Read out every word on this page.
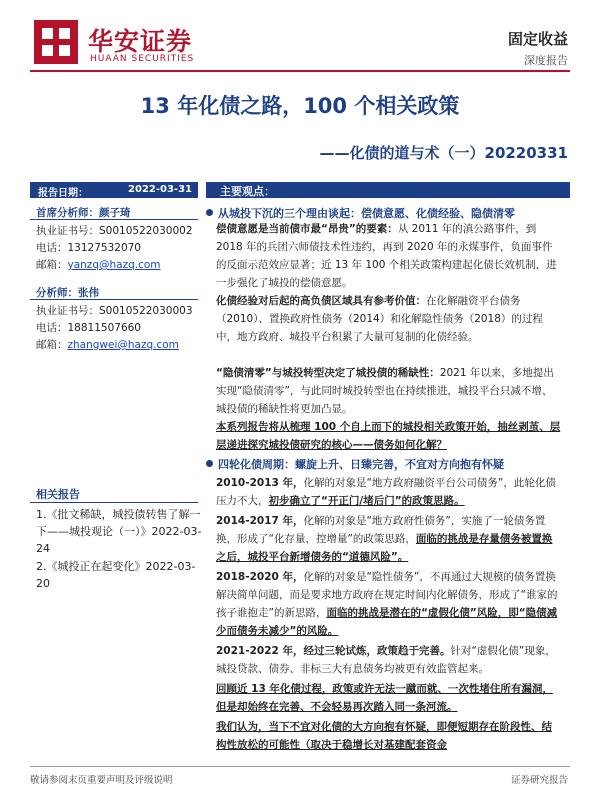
华安证券
HUAAN SECURITIES
固定收益
深度报告
13 年化债之路，100 个相关政策
——化债的道与术（一）20220331
报告日期：	2022-03-31
首席分析师：颜子琦
执业证书号：S0010522030002
电话：13127532070
邮箱：yanzq@hazq.com
分析师：张伟
执业证书号：S0010522030003
电话：18811507660
邮箱：zhangwei@hazq.com
相关报告
1.《批文稀缺，城投债转售了解一下——城投观论（一）》2022-03-24
2.《城投正在起变化》2022-03-20
主要观点：
从城投下沉的三个理由谈起：偿债意愿、化债经验、隐债清零
偿债意愿是当前债市最“昂贵”的要素：从 2011 年的滇公路事件，到 2018 年的兵团六师债技术性违约，再到 2020 年的永煤事件，负面事件的反面示范效应显著；近 13 年 100 个相关政策构建起化债长效机制，进一步强化了城投的偿债意愿。
化债经验对后起的高负债区域具有参考价值：在化解融资平台债务（2010）、置换政府性债务（2014）和化解隐性债务（2018）的过程中，地方政府、城投平台积累了大量可复制的化债经验。
“隐债清零”与城投转型决定了城投债的稀缺性：2021 年以来，多地提出实现“隐债清零”，与此同时城投转型也在持续推进，城投平台只减不增、城投债的稀缺性将更加凸显。
本系列报告将从梳理 100 个自上而下的城投相关政策开始，抽丝剥茧、层层递进探究城投债研究的核心——债务如何化解？
四轮化债周期：螺旋上升、日臻完善，不宜对方向抱有怀疑
2010-2013 年，化解的对象是“地方政府融资平台公司债务”，此轮化债压力不大，初步确立了“开正门/堵后门”的政策思路。
2014-2017 年，化解的对象是“地方政府性债务”，实施了一轮债务置换，形成了“化存量，控增量”的政策思路，面临的挑战是存量债务被置换之后，城投平台新增债务的“道德风险”。
2018-2020 年，化解的对象是“隐性债务”，不再通过大规模的债务置换解决简单问题，而是要求地方政府在规定时间内化解债务，形成了“谁家的孩子谁抱走”的新思路，面临的挑战是潜在的“虚假化债”风险，即“隐债减少而债务未减少”的风险。
2021-2022 年，经过三轮试炼，政策趋于完善。针对“虚假化债”现象，城投贷款、债券、非标三大有息债务均被更有效监管起来。
回顾近 13 年化债过程，政策或许无法一蹴而就、一次性堵住所有漏洞，但是却始终在完善、不会轻易再次踏入同一条河流。
我们认为，当下不宜对化债的大方向抱有怀疑，即便短期存在阶段性、结构性放松的可能性（取决于稳增长对基建配套资金
敬请参阅末页重要声明及评级说明	证券研究报告
